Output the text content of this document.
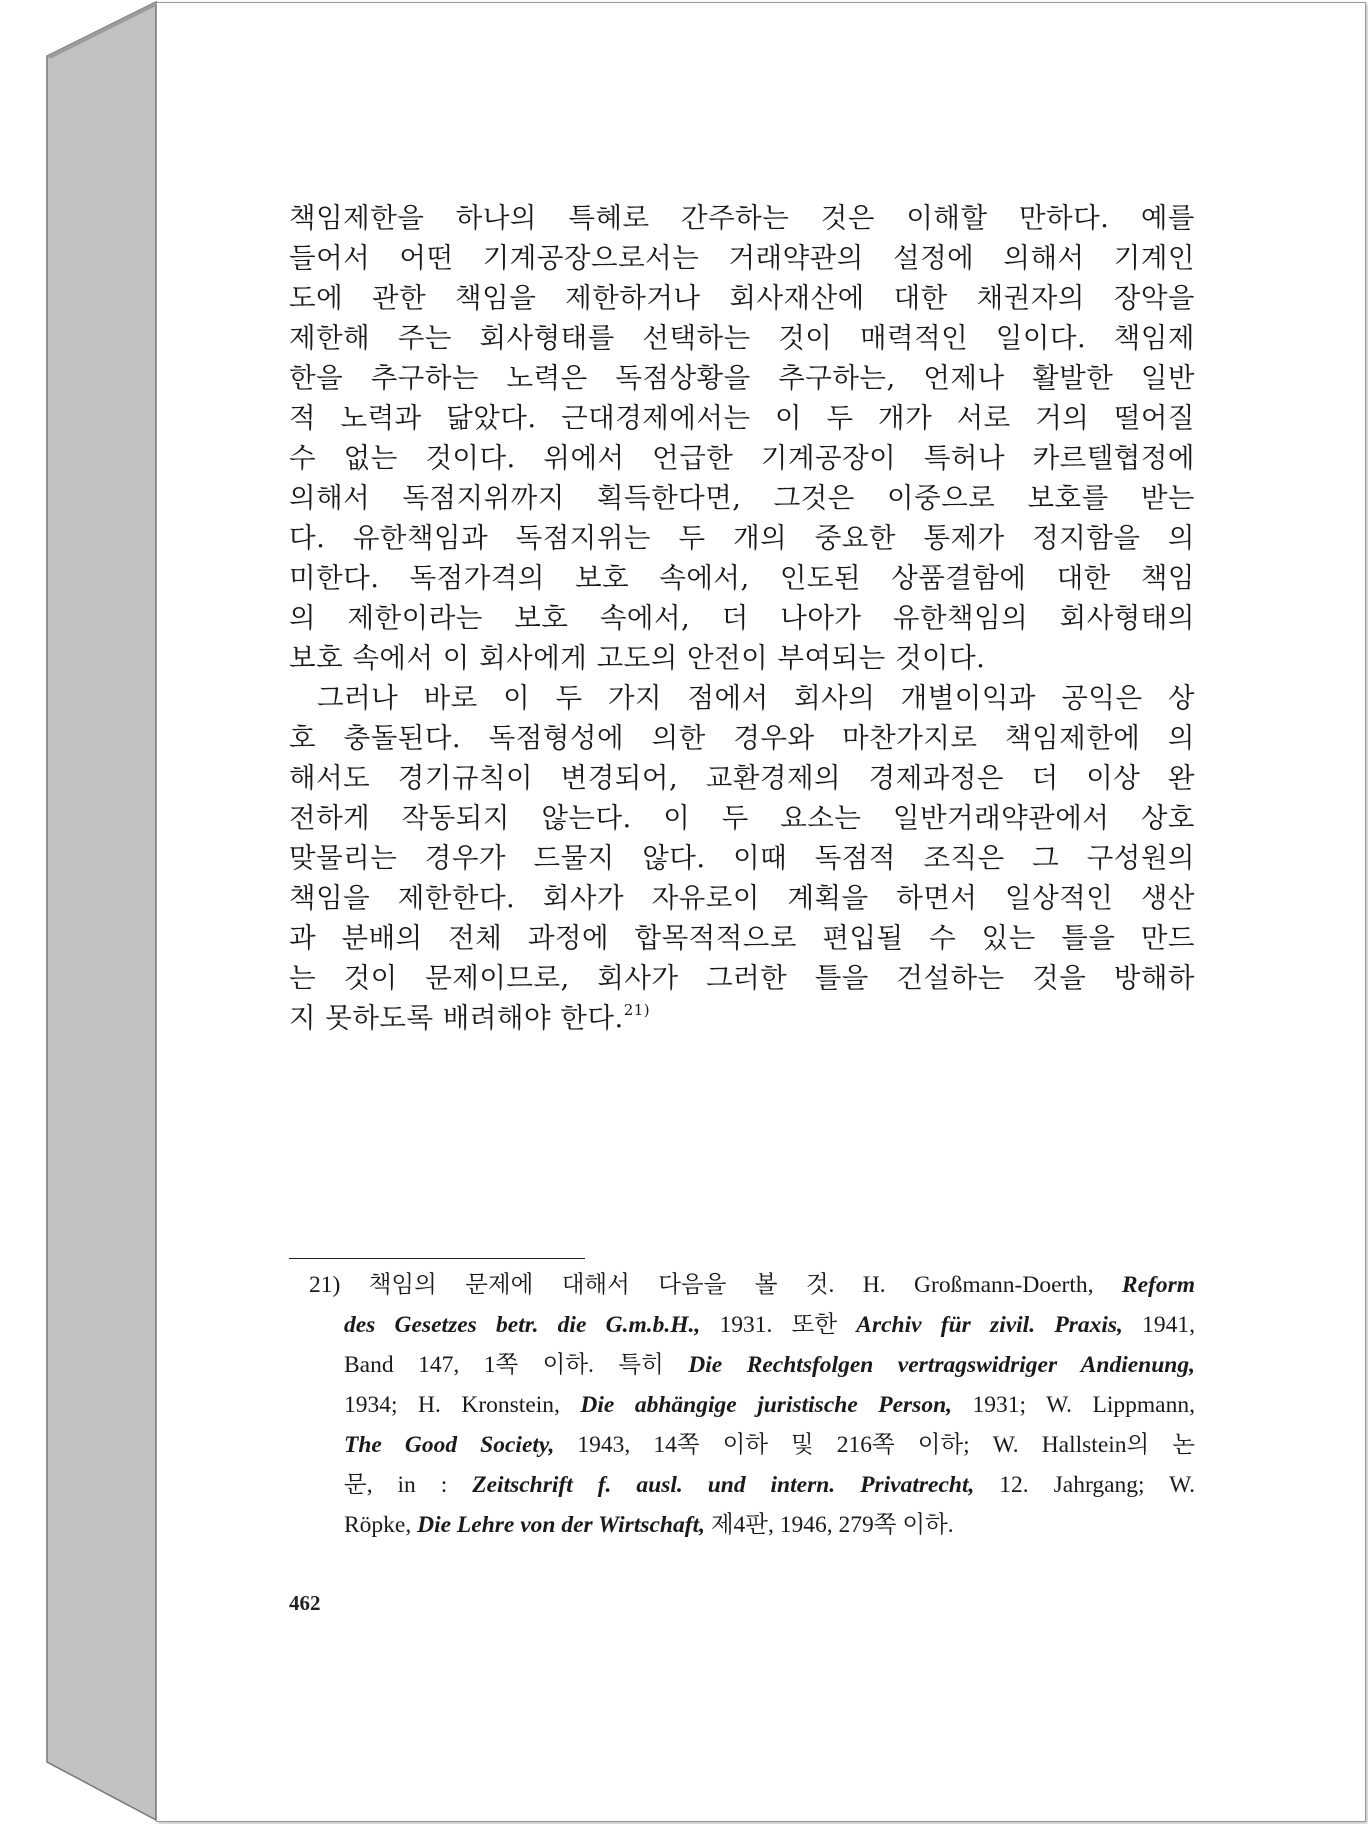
책임제한을 하나의 특혜로 간주하는 것은 이해할 만하다. 예를
들어서 어떤 기계공장으로서는 거래약관의 설정에 의해서 기계인
도에 관한 책임을 제한하거나 회사재산에 대한 채권자의 장악을
제한해 주는 회사형태를 선택하는 것이 매력적인 일이다. 책임제
한을 추구하는 노력은 독점상황을 추구하는, 언제나 활발한 일반
적 노력과 닮았다. 근대경제에서는 이 두 개가 서로 거의 떨어질
수 없는 것이다. 위에서 언급한 기계공장이 특허나 카르텔협정에
의해서 독점지위까지 획득한다면, 그것은 이중으로 보호를 받는
다. 유한책임과 독점지위는 두 개의 중요한 통제가 정지함을 의
미한다. 독점가격의 보호 속에서, 인도된 상품결함에 대한 책임
의 제한이라는 보호 속에서, 더 나아가 유한책임의 회사형태의
보호 속에서 이 회사에게 고도의 안전이 부여되는 것이다.
그러나 바로 이 두 가지 점에서 회사의 개별이익과 공익은 상
호 충돌된다. 독점형성에 의한 경우와 마찬가지로 책임제한에 의
해서도 경기규칙이 변경되어, 교환경제의 경제과정은 더 이상 완
전하게 작동되지 않는다. 이 두 요소는 일반거래약관에서 상호
맞물리는 경우가 드물지 않다. 이때 독점적 조직은 그 구성원의
책임을 제한한다. 회사가 자유로이 계획을 하면서 일상적인 생산
과 분배의 전체 과정에 합목적적으로 편입될 수 있는 틀을 만드
는 것이 문제이므로, 회사가 그러한 틀을 건설하는 것을 방해하
지 못하도록 배려해야 한다.$^{21)}$
21) 책임의 문제에 대해서 다음을 볼 것. H. Großmann-Doerth, Reform
des Gesetzes betr. die G.m.b.H., 1931. 또한 Archiv für zivil. Praxis, 1941,
Band 147, 1쪽 이하. 특히 Die Rechtsfolgen vertragswidriger Andienung,
1934; H. Kronstein, Die abhängige juristische Person, 1931; W. Lippmann,
The Good Society, 1943, 14쪽 이하 및 216쪽 이하; W. Hallstein의 논
문, in : Zeitschrift f. ausl. und intern. Privatrecht, 12. Jahrgang; W.
Röpke, Die Lehre von der Wirtschaft, 제4판, 1946, 279쪽 이하.
462
